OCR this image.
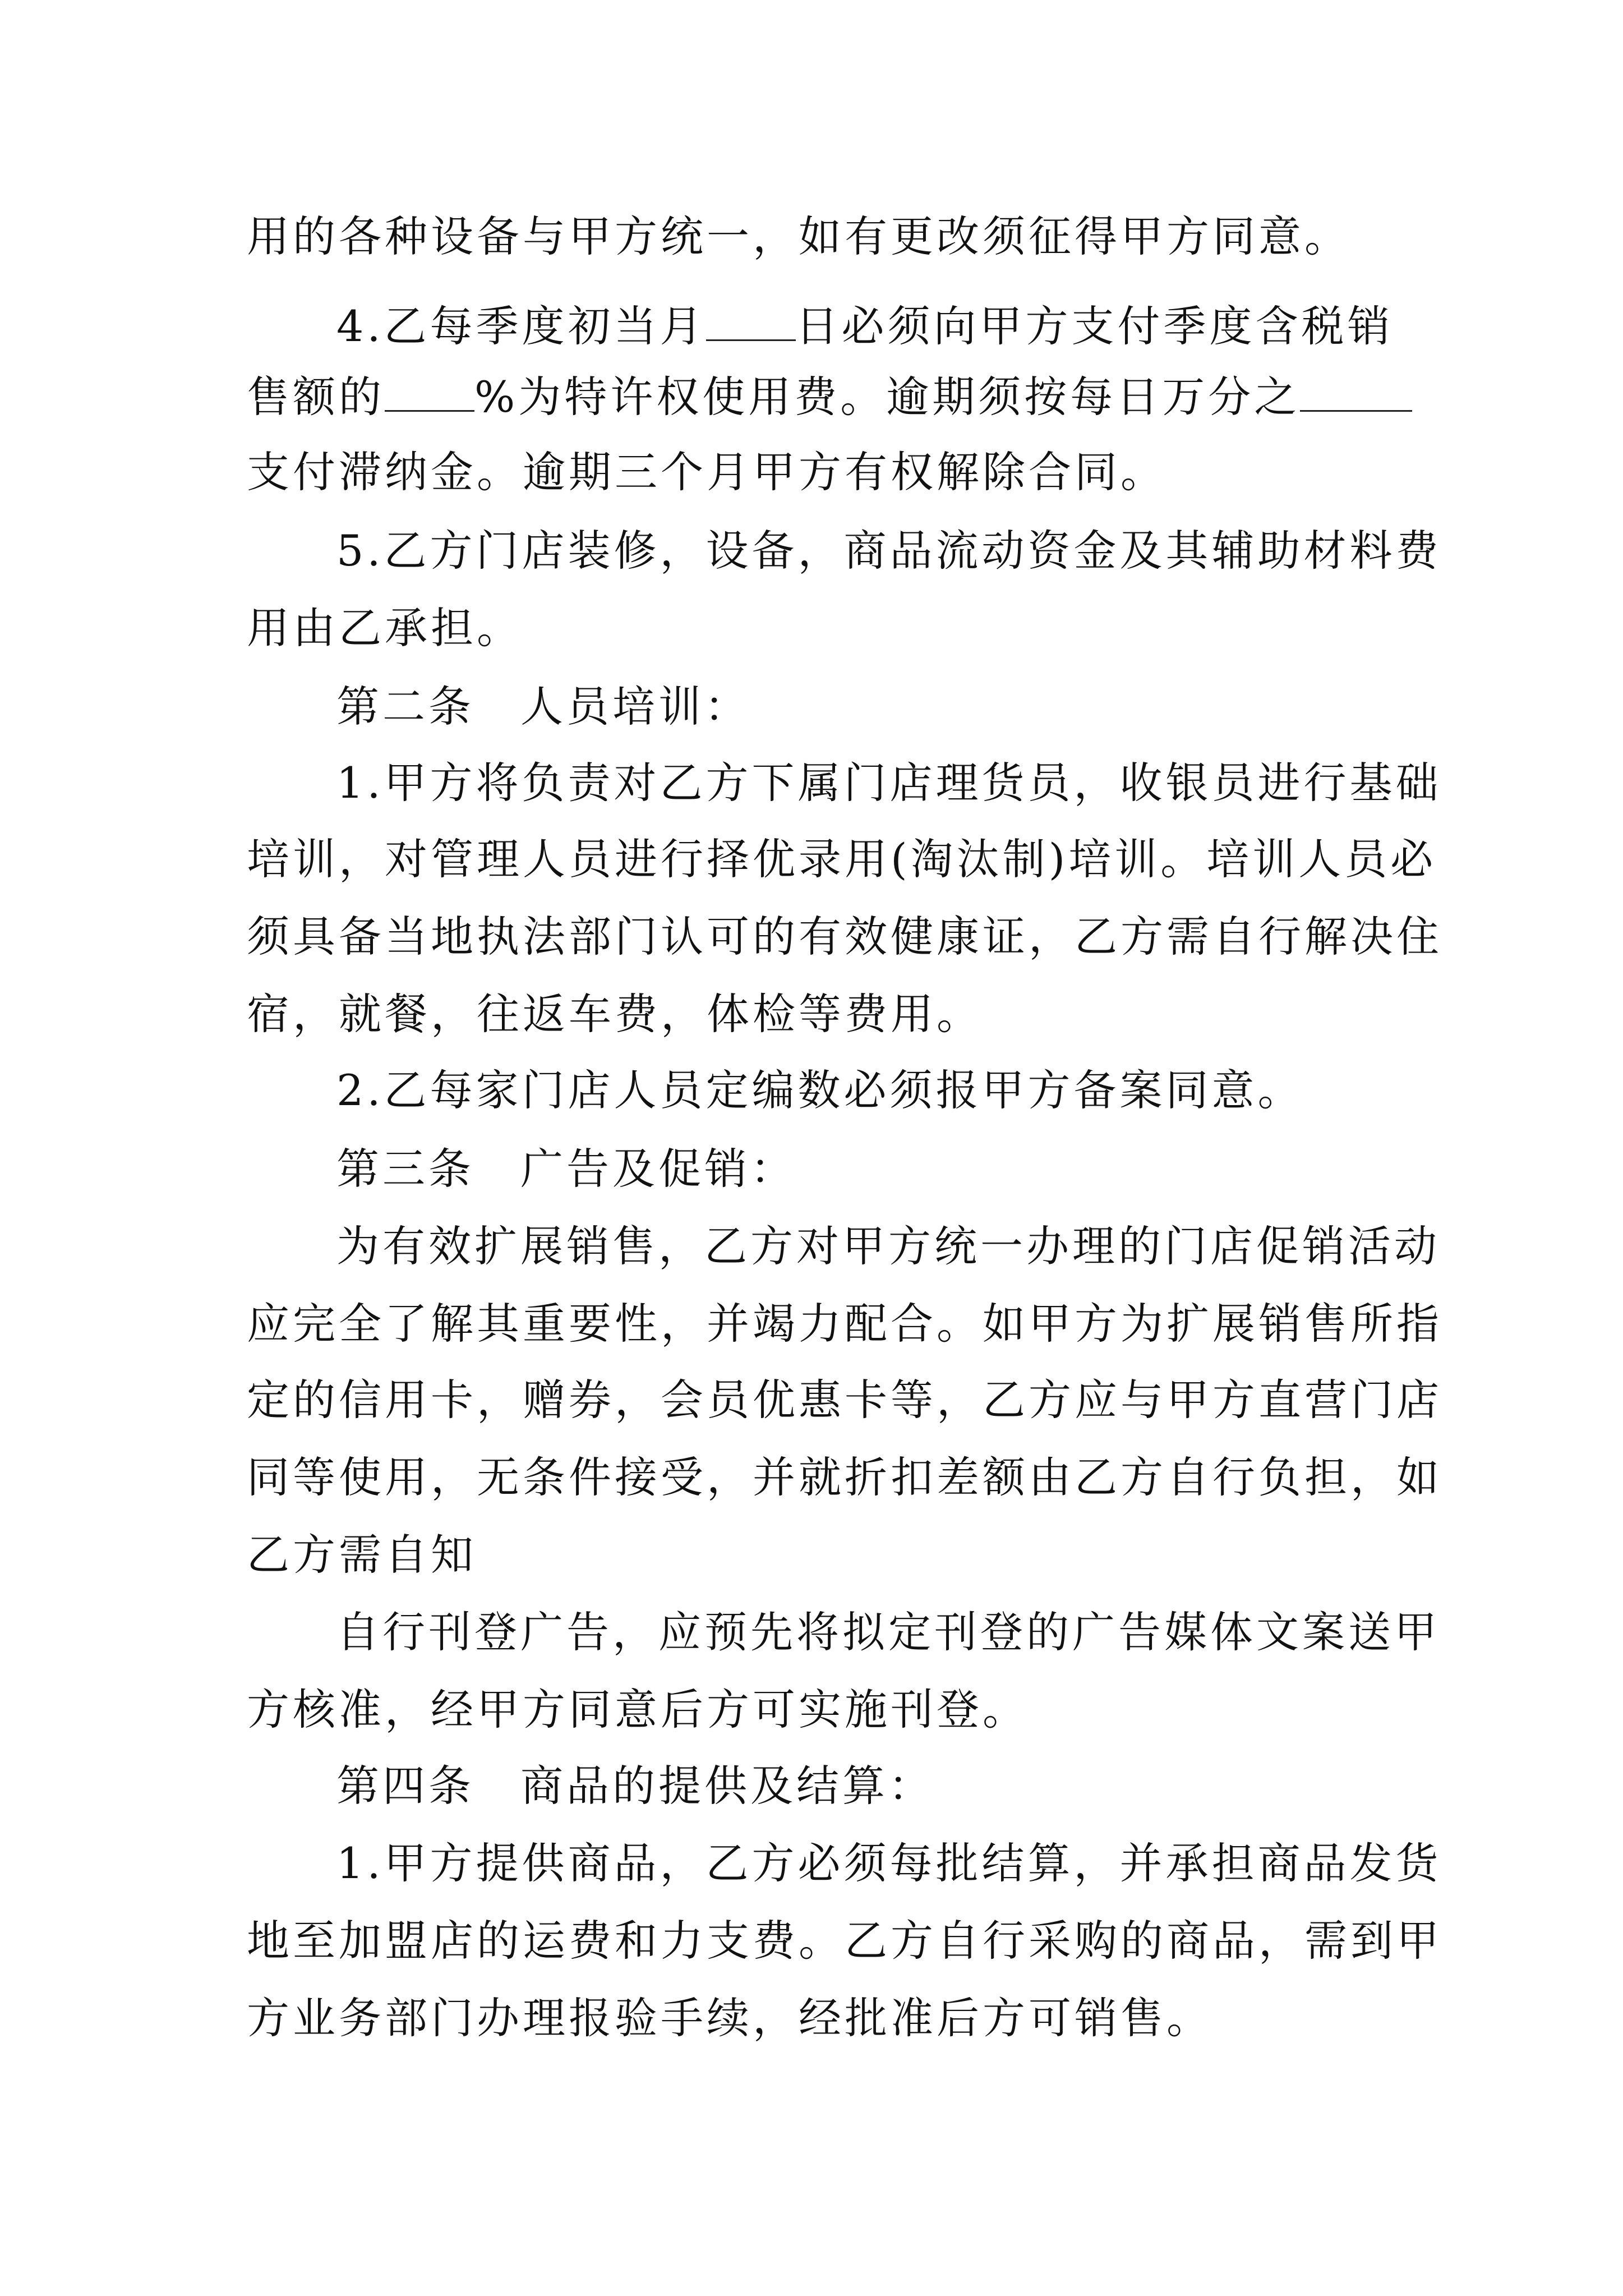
用的各种设备与甲方统一，如有更改须征得甲方同意。
4.乙每季度初当月 日必须向甲方支付季度含税销
售额的 %为特许权使用费。逾期须按每日万分之
支付滞纳金。逾期三个月甲方有权解除合同。
5.乙方门店装修，设备，商品流动资金及其辅助材料费
用由乙承担。
第二条　人员培训：
1.甲方将负责对乙方下属门店理货员，收银员进行基础
培训，对管理人员进行择优录用(淘汰制)培训。培训人员必
须具备当地执法部门认可的有效健康证，乙方需自行解决住
宿，就餐，往返车费，体检等费用。
2.乙每家门店人员定编数必须报甲方备案同意。
第三条　广告及促销：
为有效扩展销售，乙方对甲方统一办理的门店促销活动
应完全了解其重要性，并竭力配合。如甲方为扩展销售所指
定的信用卡，赠券，会员优惠卡等，乙方应与甲方直营门店
同等使用，无条件接受，并就折扣差额由乙方自行负担，如
乙方需自知
自行刊登广告，应预先将拟定刊登的广告媒体文案送甲
方核准，经甲方同意后方可实施刊登。
第四条　商品的提供及结算：
1.甲方提供商品，乙方必须每批结算，并承担商品发货
地至加盟店的运费和力支费。乙方自行采购的商品，需到甲
方业务部门办理报验手续，经批准后方可销售。
